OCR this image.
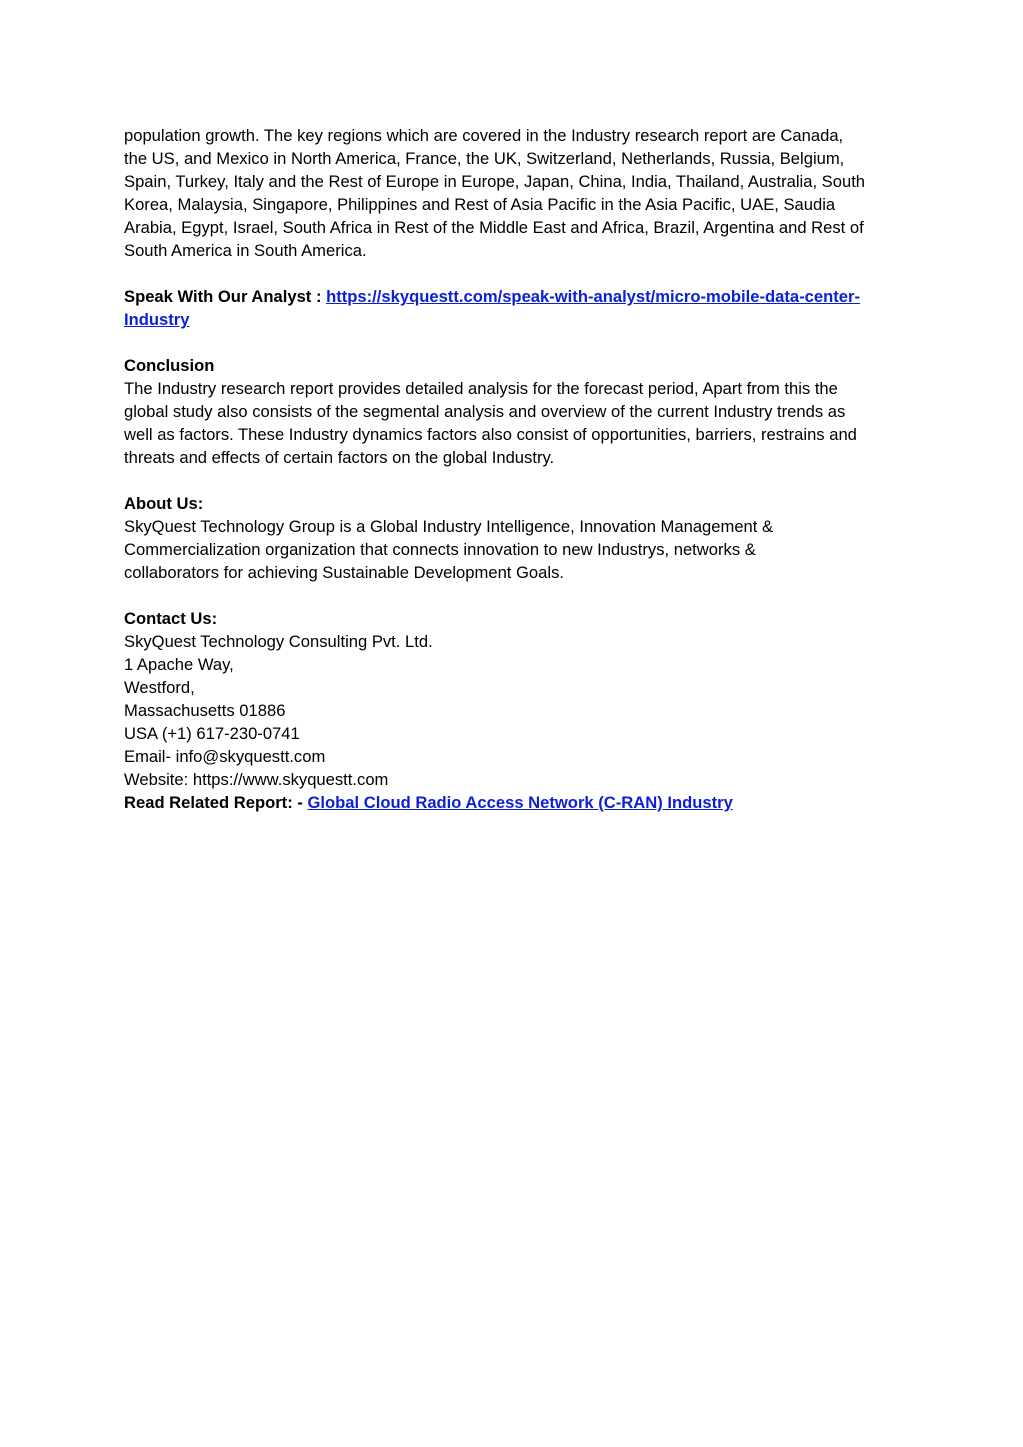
population growth. The key regions which are covered in the Industry research report are Canada,
the US, and Mexico in North America, France, the UK, Switzerland, Netherlands, Russia, Belgium,
Spain, Turkey, Italy and the Rest of Europe in Europe, Japan, China, India, Thailand, Australia, South
Korea, Malaysia, Singapore, Philippines and Rest of Asia Pacific in the Asia Pacific, UAE, Saudia
Arabia, Egypt, Israel, South Africa in Rest of the Middle East and Africa, Brazil, Argentina and Rest of
South America in South America.
Speak With Our Analyst : https://skyquestt.com/speak-with-analyst/micro-mobile-data-center-
Industry
Conclusion
The Industry research report provides detailed analysis for the forecast period, Apart from this the
global study also consists of the segmental analysis and overview of the current Industry trends as
well as factors. These Industry dynamics factors also consist of opportunities, barriers, restrains and
threats and effects of certain factors on the global Industry.
About Us:
SkyQuest Technology Group is a Global Industry Intelligence, Innovation Management &
Commercialization organization that connects innovation to new Industrys, networks &
collaborators for achieving Sustainable Development Goals.
Contact Us:
SkyQuest Technology Consulting Pvt. Ltd.
1 Apache Way,
Westford,
Massachusetts 01886
USA (+1) 617-230-0741
Email- info@skyquestt.com
Website: https://www.skyquestt.com
Read Related Report: - Global Cloud Radio Access Network (C-RAN) Industry
